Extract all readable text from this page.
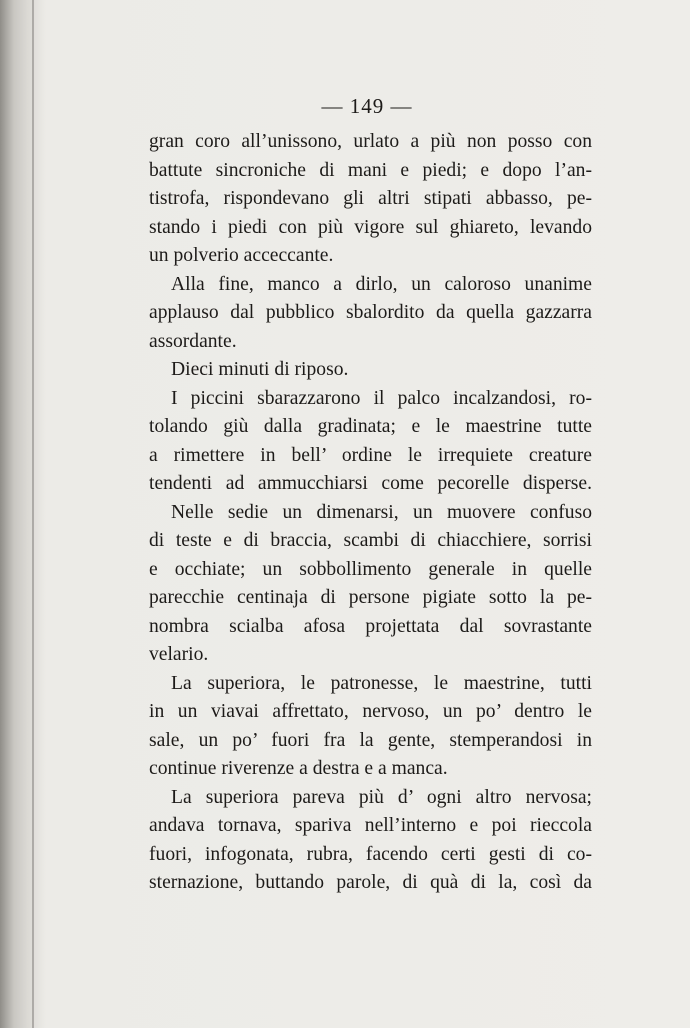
— 149 —
gran coro all’unissono, urlato a più non posso con
battute sincroniche di mani e piedi; e dopo l’an-
tistrofa, rispondevano gli altri stipati abbasso, pe-
stando i piedi con più vigore sul ghiareto, levando
un polverio acceccante.
Alla fine, manco a dirlo, un caloroso unanime
applauso dal pubblico sbalordito da quella gazzarra
assordante.
Dieci minuti di riposo.
I piccini sbarazzarono il palco incalzandosi, ro-
tolando giù dalla gradinata; e le maestrine tutte
a rimettere in bell’ ordine le irrequiete creature
tendenti ad ammucchiarsi come pecorelle disperse.
Nelle sedie un dimenarsi, un muovere confuso
di teste e di braccia, scambi di chiacchiere, sorrisi
e occhiate; un sobbollimento generale in quelle
parecchie centinaja di persone pigiate sotto la pe-
nombra scialba afosa projettata dal sovrastante
velario.
La superiora, le patronesse, le maestrine, tutti
in un viavai affrettato, nervoso, un po’ dentro le
sale, un po’ fuori fra la gente, stemperandosi in
continue riverenze a destra e a manca.
La superiora pareva più d’ ogni altro nervosa;
andava tornava, spariva nell’interno e poi rieccola
fuori, infogonata, rubra, facendo certi gesti di co-
sternazione, buttando parole, di quà di la, così da
